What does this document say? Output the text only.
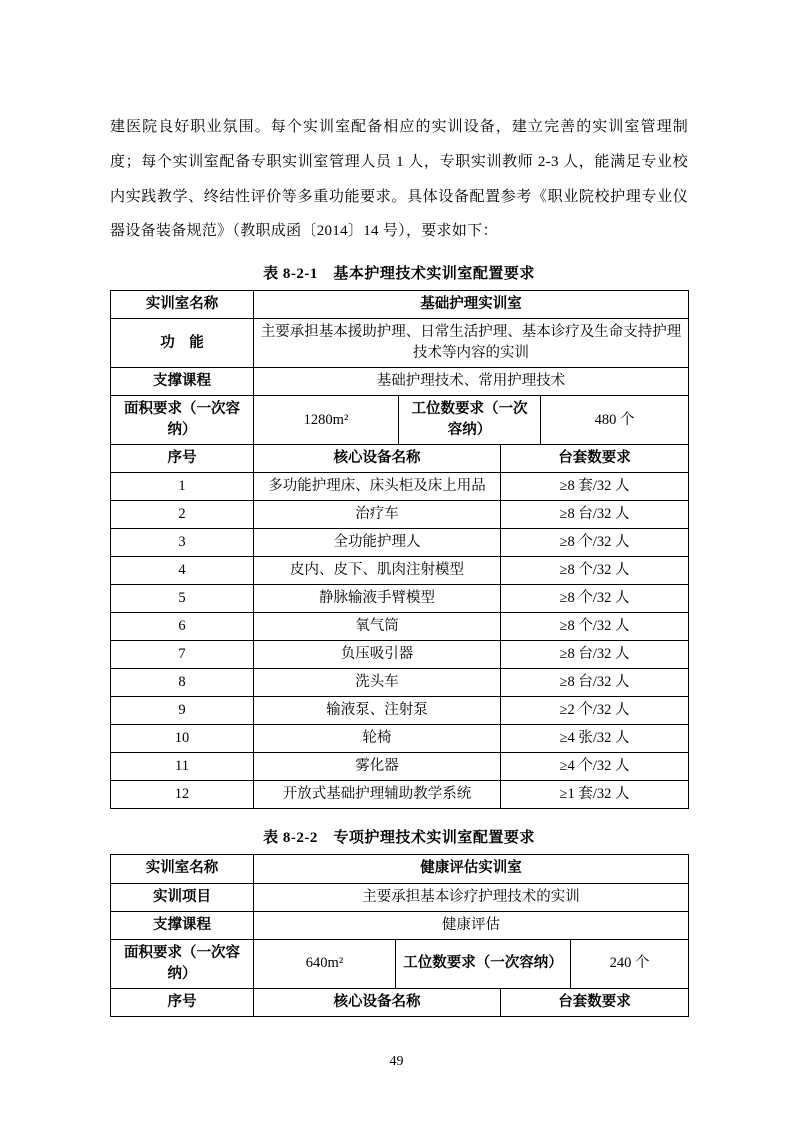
建医院良好职业氛围。每个实训室配备相应的实训设备，建立完善的实训室管理制度；每个实训室配备专职实训室管理人员 1 人，专职实训教师 2-3 人，能满足专业校内实践教学、终结性评价等多重功能要求。具体设备配置参考《职业院校护理专业仪器设备装备规范》（教职成函〔2014〕14 号），要求如下：

表 8-2-1　基本护理技术实训室配置要求
实训室名称	基础护理实训室			
功　能	主要承担基本援助护理、日常生活护理、基本诊疗及生命支持护理技术等内容的实训			
支撑课程	基础护理技术、常用护理技术			
面积要求（一次容纳）	1280m²	工位数要求（一次容纳）		480 个
序号	核心设备名称		台套数要求	
1	多功能护理床、床头柜及床上用品		≥8 套/32 人	
2	治疗车		≥8 台/32 人	
3	全功能护理人		≥8 个/32 人	
4	皮内、皮下、肌肉注射模型		≥8 个/32 人	
5	静脉输液手臂模型		≥8 个/32 人	
6	氧气筒		≥8 个/32 人	
7	负压吸引器		≥8 台/32 人	
8	洗头车		≥8 台/32 人	
9	输液泵、注射泵		≥2 个/32 人	
10	轮椅		≥4 张/32 人	
11	雾化器		≥4 个/32 人	
12	开放式基础护理辅助教学系统		≥1 套/32 人	
表 8-2-2　专项护理技术实训室配置要求
实训室名称	健康评估实训室			
实训项目	主要承担基本诊疗护理技术的实训			
支撑课程	健康评估			
面积要求（一次容纳）	640m²	工位数要求（一次容纳）		240 个
序号	核心设备名称		台套数要求	
49
